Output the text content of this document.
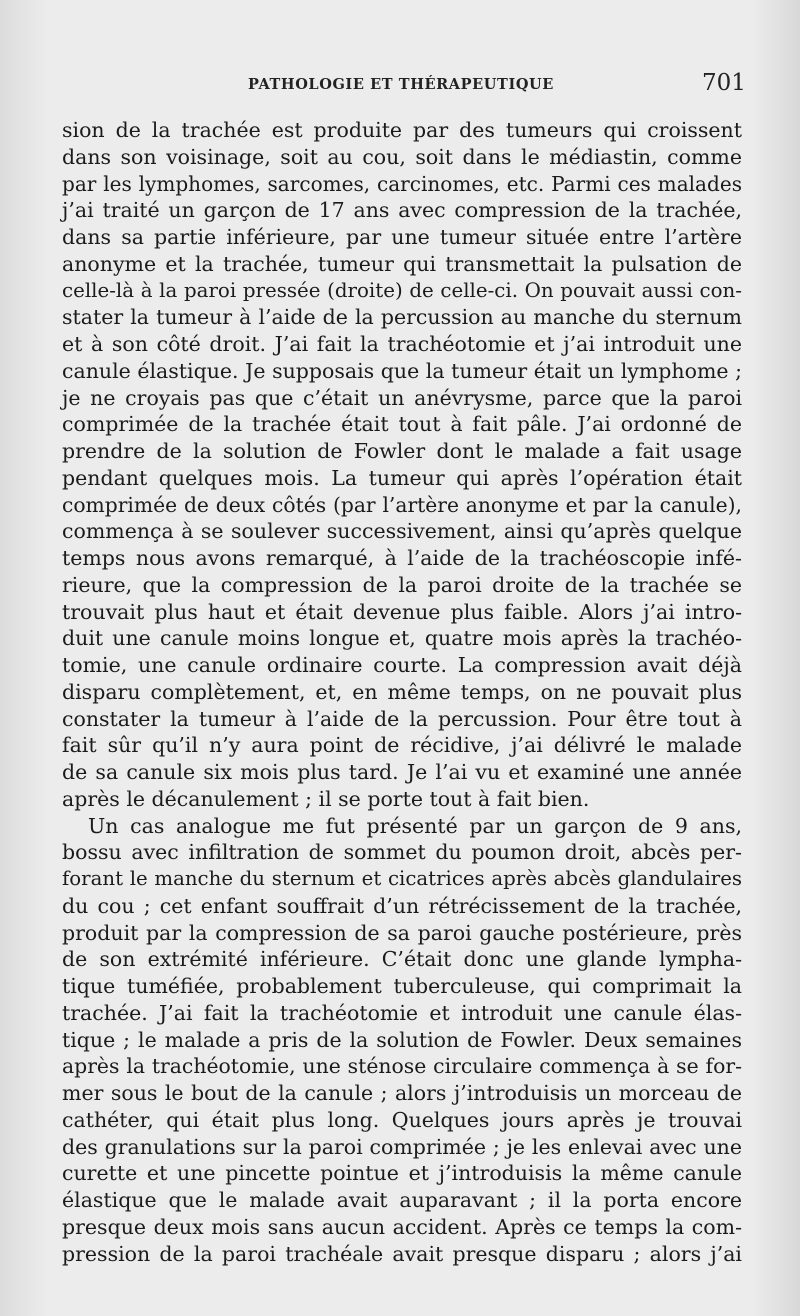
PATHOLOGIE ET THÉRAPEUTIQUE	701
sion de la trachée est produite par des tumeurs qui croissent
dans son voisinage, soit au cou, soit dans le médiastin, comme
par les lymphomes, sarcomes, carcinomes, etc. Parmi ces malades
j’ai traité un garçon de 17 ans avec compression de la trachée,
dans sa partie inférieure, par une tumeur située entre l’artère
anonyme et la trachée, tumeur qui transmettait la pulsation de
celle-là à la paroi pressée (droite) de celle-ci. On pouvait aussi con-
stater la tumeur à l’aide de la percussion au manche du sternum
et à son côté droit. J’ai fait la trachéotomie et j’ai introduit une
canule élastique. Je supposais que la tumeur était un lymphome ;
je ne croyais pas que c’était un anévrysme, parce que la paroi
comprimée de la trachée était tout à fait pâle. J’ai ordonné de
prendre de la solution de Fowler dont le malade a fait usage
pendant quelques mois. La tumeur qui après l’opération était
comprimée de deux côtés (par l’artère anonyme et par la canule),
commença à se soulever successivement, ainsi qu’après quelque
temps nous avons remarqué, à l’aide de la trachéoscopie infé-
rieure, que la compression de la paroi droite de la trachée se
trouvait plus haut et était devenue plus faible. Alors j’ai intro-
duit une canule moins longue et, quatre mois après la trachéo-
tomie, une canule ordinaire courte. La compression avait déjà
disparu complètement, et, en même temps, on ne pouvait plus
constater la tumeur à l’aide de la percussion. Pour être tout à
fait sûr qu’il n’y aura point de récidive, j’ai délivré le malade
de sa canule six mois plus tard. Je l’ai vu et examiné une année
après le décanulement ; il se porte tout à fait bien.
Un cas analogue me fut présenté par un garçon de 9 ans,
bossu avec infiltration de sommet du poumon droit, abcès per-
forant le manche du sternum et cicatrices après abcès glandulaires
du cou ; cet enfant souffrait d’un rétrécissement de la trachée,
produit par la compression de sa paroi gauche postérieure, près
de son extrémité inférieure. C’était donc une glande lympha-
tique tuméfiée, probablement tuberculeuse, qui comprimait la
trachée. J’ai fait la trachéotomie et introduit une canule élas-
tique ; le malade a pris de la solution de Fowler. Deux semaines
après la trachéotomie, une sténose circulaire commença à se for-
mer sous le bout de la canule ; alors j’introduisis un morceau de
cathéter, qui était plus long. Quelques jours après je trouvai
des granulations sur la paroi comprimée ; je les enlevai avec une
curette et une pincette pointue et j’introduisis la même canule
élastique que le malade avait auparavant ; il la porta encore
presque deux mois sans aucun accident. Après ce temps la com-
pression de la paroi trachéale avait presque disparu ; alors j’ai
